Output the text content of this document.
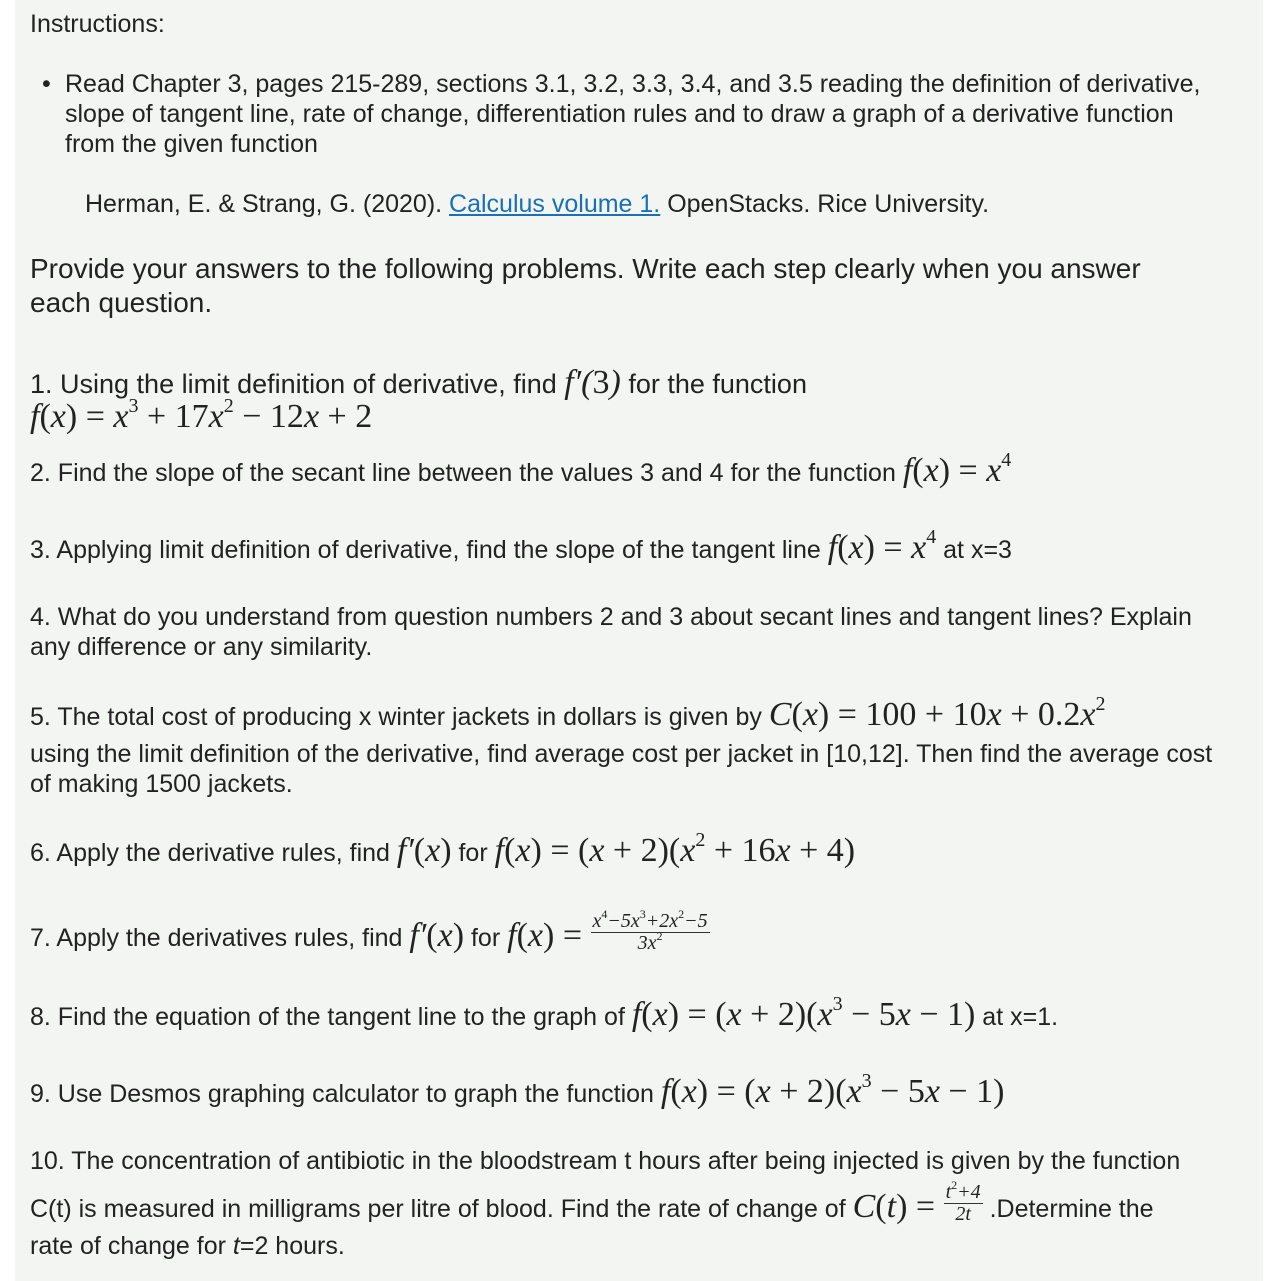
Instructions:
• Read Chapter 3, pages 215-289, sections 3.1, 3.2, 3.3, 3.4, and 3.5 reading the definition of derivative,
slope of tangent line, rate of change, differentiation rules and to draw a graph of a derivative function
from the given function
Herman, E. & Strang, G. (2020). Calculus volume 1. OpenStacks. Rice University.
Provide your answers to the following problems. Write each step clearly when you answer
each question.
1. Using the limit definition of derivative, find f′(3) for the function
$f(x) = x^3 + 17x^2 - 12x + 2$
2. Find the slope of the secant line between the values 3 and 4 for the function $f(x) = x^4$
3. Applying limit definition of derivative, find the slope of the tangent line $f(x) = x^4$ at x=3
4. What do you understand from question numbers 2 and 3 about secant lines and tangent lines? Explain
any difference or any similarity.
5. The total cost of producing x winter jackets in dollars is given by $C(x) = 100 + 10x + 0.2x^2$
using the limit definition of the derivative, find average cost per jacket in [10,12]. Then find the average cost
of making 1500 jackets.
6. Apply the derivative rules, find f′(x) for $f(x) = (x + 2)(x^2 + 16x + 4)$
7. Apply the derivatives rules, find f′(x) for $f(x) = \frac{x^4-5x^3+2x^2-5}{3x^2}$
8. Find the equation of the tangent line to the graph of $f(x) = (x + 2)(x^3 - 5x - 1)$ at x=1.
9. Use Desmos graphing calculator to graph the function $f(x) = (x + 2)(x^3 - 5x - 1)$
10. The concentration of antibiotic in the bloodstream t hours after being injected is given by the function
C(t) is measured in milligrams per litre of blood. Find the rate of change of $C(t) = \frac{t^2+4}{2t}$ .Determine the
rate of change for t=2 hours.
